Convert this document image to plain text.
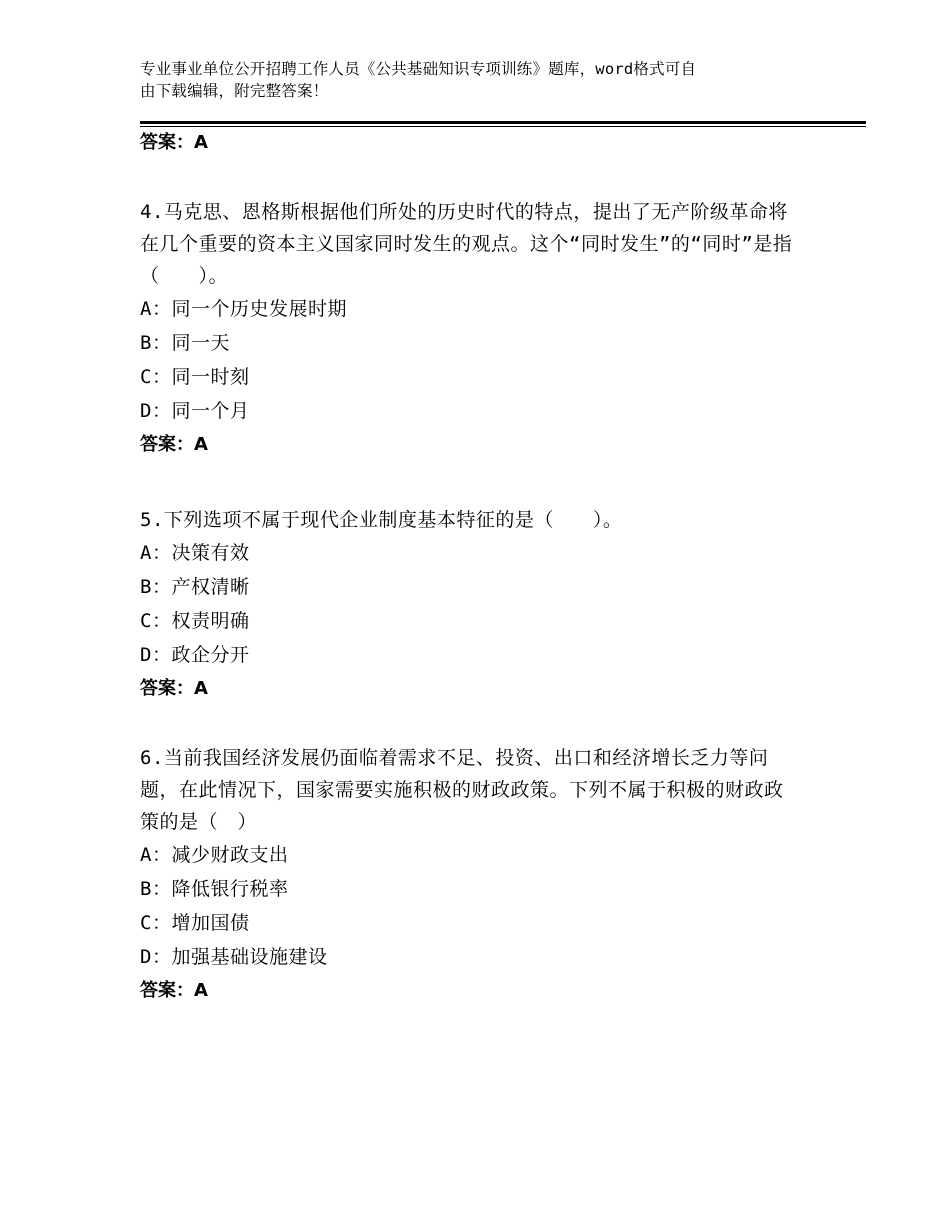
专业事业单位公开招聘工作人员《公共基础知识专项训练》题库，word格式可自
由下载编辑，附完整答案！
答案：A

4.马克思、恩格斯根据他们所处的历史时代的特点，提出了无产阶级革命将在几个重要的资本主义国家同时发生的观点。这个“同时发生”的“同时”是指（　　）。

A：同一个历史发展时期

B：同一天

C：同一时刻

D：同一个月

答案：A

5.下列选项不属于现代企业制度基本特征的是（　　）。

A：决策有效

B：产权清晰

C：权责明确

D：政企分开

答案：A

6.当前我国经济发展仍面临着需求不足、投资、出口和经济增长乏力等问题，在此情况下，国家需要实施积极的财政政策。下列不属于积极的财政政策的是（　）

A：减少财政支出

B：降低银行税率

C：增加国债

D：加强基础设施建设

答案：A
